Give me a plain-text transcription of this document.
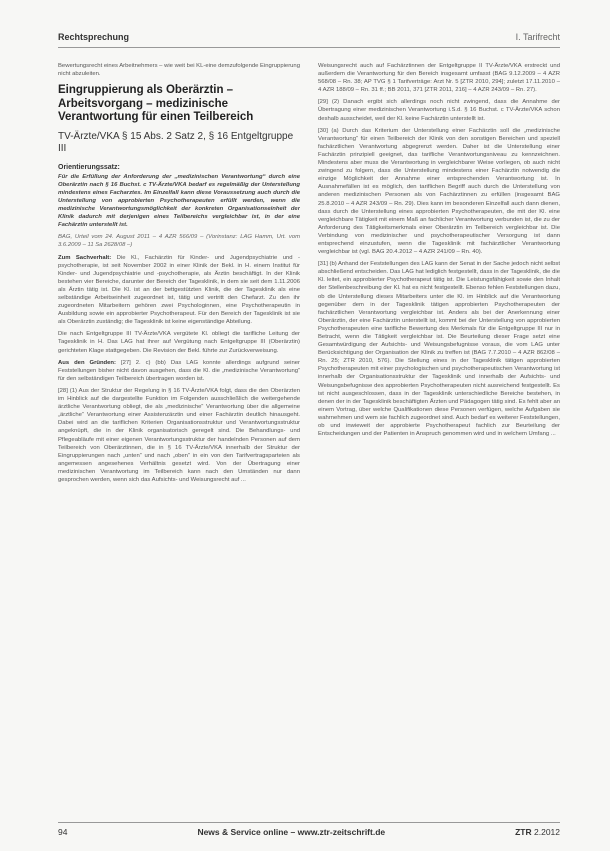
Rechtsprechung	I. Tarifrecht

Bewertungsrecht eines Arbeitnehmers – wie weit bei KL-eine demzufolgende Eingruppierung nicht abzuleiten.

Eingruppierung als Oberärztin – Arbeitsvorgang – medizinische Verantwortung für einen Teilbereich
TV-Ärzte/VKA § 15 Abs. 2 Satz 2, § 16 Entgeltgruppe III
Orientierungssatz:

Für die Erfüllung der Anforderung der „medizinischen Verantwortung“ durch eine Oberärztin nach § 16 Buchst. c TV-Ärzte/VKA bedarf es regelmäßig der Unterstellung mindestens eines Facharztes. Im Einzelfall kann diese Voraussetzung auch durch die Unterstellung von approbierten Psychotherapeuten erfüllt werden, wenn die medizinische Verantwortungsmöglichkeit der konkreten Organisationseinheit der Klinik dadurch mit derjenigen eines Teilbereichs vergleichbar ist, in der eine Fachärztin unterstellt ist.

BAG, Urteil vom 24. August 2011 – 4 AZR 566/09 – (Vorinstanz: LAG Hamm, Urt. vom 3.6.2009 – 11 Sa 2628/08 –)

Zum Sachverhalt: Die Kl., Fachärztin für Kinder- und Jugendpsychiatrie und -psychotherapie, ist seit November 2002 in einer Klinik der Bekl. in H. einem Institut für Kinder- und Jugendpsychiatrie und -psychotherapie, als Ärztin beschäftigt. In der Klinik bestehen vier Bereiche, darunter der Bereich der Tagesklinik, in dem sie seit dem 1.11.2006 als Ärztin tätig ist. Die Kl. ist an der bettgestützten Klinik, die der Tagesklinik als eine selbständige Arbeitseinheit zugeordnet ist, tätig und vertritt den Chefarzt. Zu den ihr zugeordneten Mitarbeitern gehören zwei Psychologinnen, eine Psychotherapeutin in Ausbildung sowie ein approbierter Psychotherapeut. Für den Bereich der Tagesklinik ist sie als Oberärztin zuständig; die Tagesklinik ist keine eigenständige Abteilung.

Die nach Entgeltgruppe III TV-Ärzte/VKA vergütete Kl. obliegt die tarifliche Leitung der Tagesklinik in H. Das LAG hat ihrer auf Vergütung nach Entgeltgruppe III (Oberärztin) gerichteten Klage stattgegeben. Die Revision der Bekl. führte zur Zurückverweisung.

Aus den Gründen: [27] 2. c) (bb) Das LAG konnte allerdings aufgrund seiner Feststellungen bisher nicht davon ausgehen, dass die Kl. die „medizinische Verantwortung“ für den selbständigen Teilbereich übertragen worden ist.

[28] (1) Aus der Struktur der Regelung in § 16 TV-Ärzte/VKA folgt, dass die den Oberärzten im Hinblick auf die dargestellte Funktion im Folgenden ausschließlich die weitergehende ärztliche Verantwortung obliegt, die als „medizinische“ Verantwortung über die allgemeine „ärztliche“ Verantwortung einer Assistenzärztin und einer Fachärztin deutlich hinausgeht. Dabei wird an die tariflichen Kriterien Organisationsstruktur und Verantwortungsstruktur angeknüpft, die in der Klinik organisatorisch geregelt sind. Die Behandlungs- und Pflegeabläufe mit einer eigenen Verantwortungsstruktur der handelnden Personen auf dem Teilbereich von Oberärztinnen, die in § 16 TV-Ärzte/VKA innerhalb der Struktur der Eingruppierungen nach „unten“ und nach „oben“ in ein von den Tarifvertragsparteien als angemessen angesehenes Verhältnis gesetzt wird. Von der Übertragung einer medizinischen Verantwortung im Teilbereich kann nach den Umständen nur dann gesprochen werden, wenn sich das Aufsichts- und Weisungsrecht auf ...

Weisungsrecht auch auf Fachärztinnen der Entgeltgruppe II TV-Ärzte/VKA erstreckt und außerdem die Verantwortung für den Bereich insgesamt umfasst (BAG 9.12.2009 – 4 AZR 568/08 – Rn. 38; AP TVG § 1 Tarifverträge: Arzt Nr. 5 [ZTR 2010, 294]; zuletzt 17.11.2010 – 4 AZR 188/09 – Rn. 31 ff.; BB 2011, 371 [ZTR 2011, 216] – 4 AZR 243/09 – Rn. 27).

[29] (2) Danach ergibt sich allerdings noch nicht zwingend, dass die Annahme der Übertragung einer medizinischen Verantwortung i.S.d. § 16 Buchst. c TV-Ärzte/VKA schon deshalb ausscheidet, weil der Kl. keine Fachärztin unterstellt ist.

[30] (a) Durch das Kriterium der Unterstellung einer Fachärztin soll die „medizinische Verantwortung“ für einen Teilbereich der Klinik von den sonstigen Bereichen und speziell fachärztlichen Verantwortung abgegrenzt werden. Daher ist die Unterstellung einer Fachärztin prinzipiell geeignet, das tarifliche Verantwortungsniveau zu kennzeichnen. Mindestens aber muss die Verantwortung in vergleichbarer Weise vorliegen, ob auch nicht zwingend zu folgern, dass die Unterstellung mindestens einer Fachärztin notwendig die einzige Möglichkeit der Annahme einer entsprechenden Verantwortung ist. In Ausnahmefällen ist es möglich, den tariflichen Begriff auch durch die Unterstellung von anderen medizinischen Personen als von Fachärztinnen zu erfüllen (insgesamt BAG 25.8.2010 – 4 AZR 243/09 – Rn. 29). Dies kann im besonderen Einzelfall auch dann dienen, dass durch die Unterstellung eines approbierten Psychotherapeuten, die mit der Kl. eine vergleichbare Tätigkeit mit einem Maß an fachlicher Verantwortung verbunden ist, die zu der Anforderung des Tätigkeitsmerkmals einer Oberärztin im Teilbereich vergleichbar ist. Die Verbindung von medizinischer und psychotherapeutischer Versorgung ist dann entsprechend einzustufen, wenn die Tagesklinik mit fachärztlicher Verantwortung vergleichbar ist (vgl. BAG 20.4.2012 – 4 AZR 241/09 – Rn. 40).

[31] (b) Anhand der Feststellungen des LAG kann der Senat in der Sache jedoch nicht selbst abschließend entscheiden. Das LAG hat lediglich festgestellt, dass in der Tagesklinik, die die Kl. leitet, ein approbierter Psychotherapeut tätig ist. Die Leistungsfähigkeit sowie den Inhalt der Stellenbeschreibung der Kl. hat es nicht festgestellt. Ebenso fehlen Feststellungen dazu, ob die Unterstellung dieses Mitarbeiters unter die Kl. im Hinblick auf die Verantwortung gegenüber dem in der Tagesklinik tätigen approbierten Psychotherapeuten der fachärztlichen Verantwortung vergleichbar ist. Anders als bei der Anerkennung einer Oberärztin, der eine Fachärztin unterstellt ist, kommt bei der Unterstellung von approbierten Psychotherapeuten eine tarifliche Bewertung des Merkmals für die Entgeltgruppe III nur in Betracht, wenn die Tätigkeit vergleichbar ist. Die Beurteilung dieser Frage setzt eine Gesamtwürdigung der Aufsichts- und Weisungsbefugnisse voraus, die vom LAG unter Berücksichtigung der Organisation der Klinik zu treffen ist (BAG 7.7.2010 – 4 AZR 862/08 – Rn. 25; ZTR 2010, 576). Die Stellung eines in der Tagesklinik tätigen approbierten Psychotherapeuten mit einer psychologischen und psychotherapeutischen Verantwortung ist innerhalb der Organisationsstruktur der Tagesklinik und innerhalb der Aufsichts- und Weisungsbefugnisse des approbierten Psychotherapeuten nicht ausreichend festgestellt. Es ist nicht ausgeschlossen, dass in der Tagesklinik unterschiedliche Bereiche bestehen, in denen der in der Tagesklinik beschäftigten Ärzten und Pädagogen tätig sind. Es fehlt aber an einem Vortrag, über welche Qualifikationen diese Personen verfügen, welche Aufgaben sie wahrnehmen und wem sie fachlich zugeordnet sind. Auch bedarf es weiterer Feststellungen, ob und inwieweit der approbierte Psychotherapeut fachlich zur Beurteilung der Entscheidungen und der Patienten in Anspruch genommen wird und in welchem Umfang ...

94	News & Service online – www.ztr-zeitschrift.de	ZTR 2.2012
